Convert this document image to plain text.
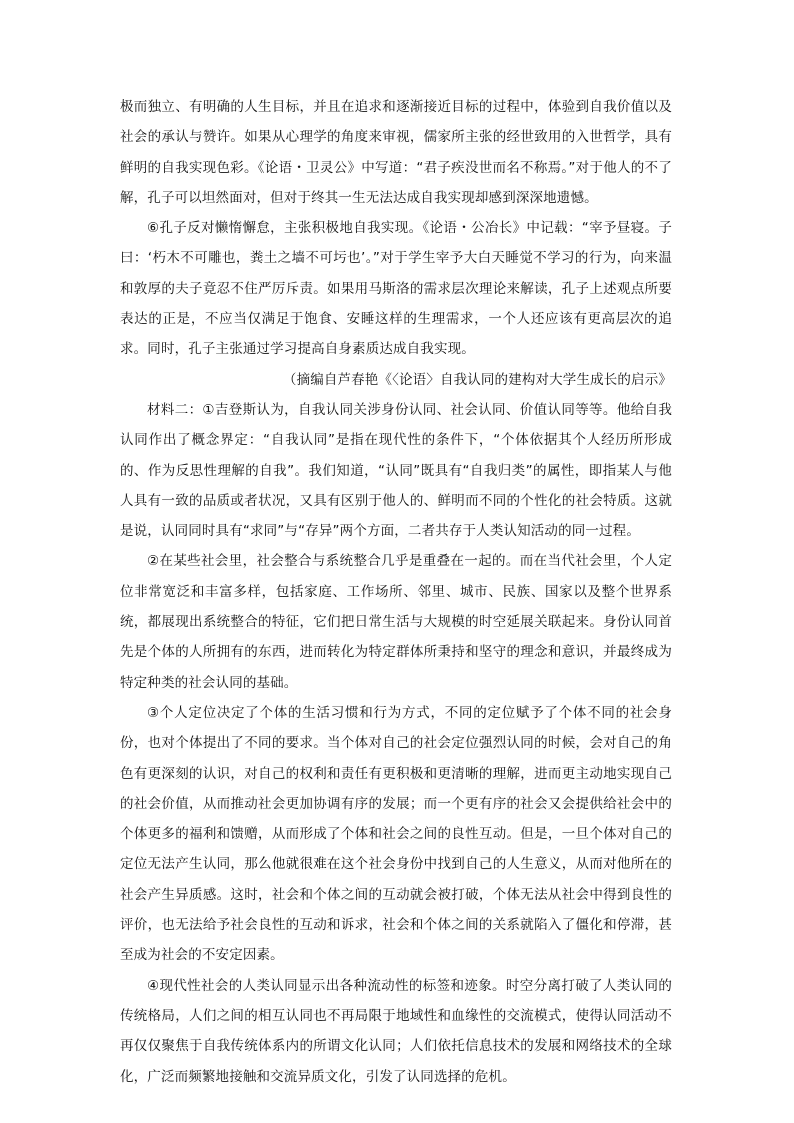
极而独立、有明确的人生目标，并且在追求和逐渐接近目标的过程中，体验到自我价值以及社会的承认与赞许。如果从心理学的角度来审视，儒家所主张的经世致用的入世哲学，具有鲜明的自我实现色彩。《论语・卫灵公》中写道：“君子疾没世而名不称焉。”对于他人的不了解，孔子可以坦然面对，但对于终其一生无法达成自我实现却感到深深地遗憾。

⑥孔子反对懒惰懈怠，主张积极地自我实现。《论语・公冶长》中记载：“宰予昼寝。子曰：‘朽木不可雕也，粪土之墙不可圬也’。”对于学生宰予大白天睡觉不学习的行为，向来温和敦厚的夫子竟忍不住严厉斥责。如果用马斯洛的需求层次理论来解读，孔子上述观点所要表达的正是，不应当仅满足于饱食、安睡这样的生理需求，一个人还应该有更高层次的追求。同时，孔子主张通过学习提高自身素质达成自我实现。

（摘编自芦春艳《〈论语〉自我认同的建构对大学生成长的启示》

材料二：①吉登斯认为，自我认同关涉身份认同、社会认同、价值认同等等。他给自我认同作出了概念界定：“自我认同”是指在现代性的条件下，“个体依据其个人经历所形成的、作为反思性理解的自我”。我们知道，“认同”既具有“自我归类”的属性，即指某人与他人具有一致的品质或者状况，又具有区别于他人的、鲜明而不同的个性化的社会特质。这就是说，认同同时具有“求同”与“存异”两个方面，二者共存于人类认知活动的同一过程。

②在某些社会里，社会整合与系统整合几乎是重叠在一起的。而在当代社会里，个人定位非常宽泛和丰富多样，包括家庭、工作场所、邻里、城市、民族、国家以及整个世界系统，都展现出系统整合的特征，它们把日常生活与大规模的时空延展关联起来。身份认同首先是个体的人所拥有的东西，进而转化为特定群体所秉持和坚守的理念和意识，并最终成为特定种类的社会认同的基础。

③个人定位决定了个体的生活习惯和行为方式，不同的定位赋予了个体不同的社会身份，也对个体提出了不同的要求。当个体对自己的社会定位强烈认同的时候，会对自己的角色有更深刻的认识，对自己的权利和责任有更积极和更清晰的理解，进而更主动地实现自己的社会价值，从而推动社会更加协调有序的发展；而一个更有序的社会又会提供给社会中的个体更多的福利和馈赠，从而形成了个体和社会之间的良性互动。但是，一旦个体对自己的定位无法产生认同，那么他就很难在这个社会身份中找到自己的人生意义，从而对他所在的社会产生异质感。这时，社会和个体之间的互动就会被打破，个体无法从社会中得到良性的评价，也无法给予社会良性的互动和诉求，社会和个体之间的关系就陷入了僵化和停滞，甚至成为社会的不安定因素。

④现代性社会的人类认同显示出各种流动性的标签和迹象。时空分离打破了人类认同的传统格局，人们之间的相互认同也不再局限于地域性和血缘性的交流模式，使得认同活动不再仅仅聚焦于自我传统体系内的所谓文化认同；人们依托信息技术的发展和网络技术的全球化，广泛而频繁地接触和交流异质文化，引发了认同选择的危机。
